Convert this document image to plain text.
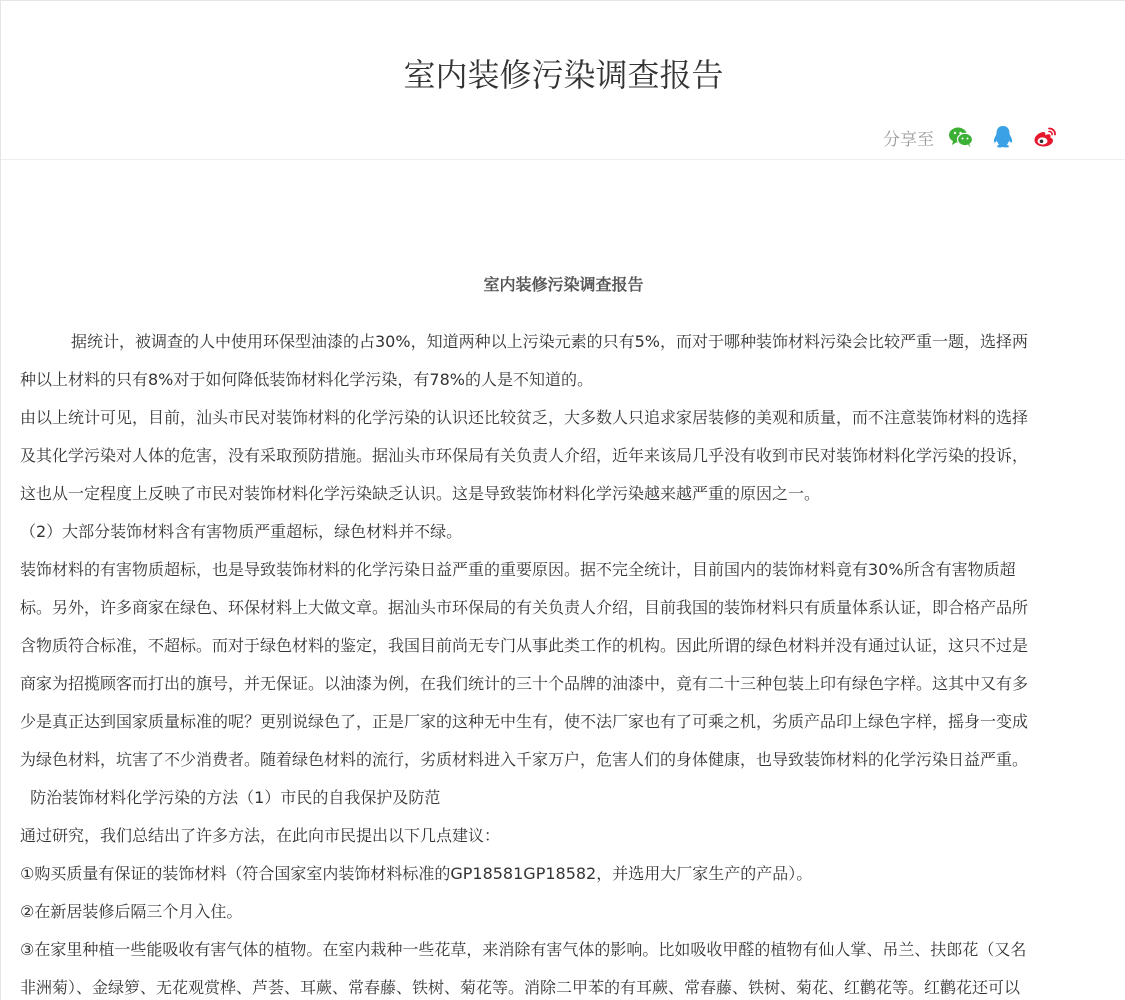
室内装修污染调查报告
分享至
室内装修污染调查报告

据统计，被调查的人中使用环保型油漆的占30%，知道两种以上污染元素的只有5%，而对于哪种装饰材料污染会比较严重一题，选择两

种以上材料的只有8%对于如何降低装饰材料化学污染，有78%的人是不知道的。

由以上统计可见，目前，汕头市民对装饰材料的化学污染的认识还比较贫乏，大多数人只追求家居装修的美观和质量，而不注意装饰材料的选择

及其化学污染对人体的危害，没有采取预防措施。据汕头市环保局有关负责人介绍，近年来该局几乎没有收到市民对装饰材料化学污染的投诉，

这也从一定程度上反映了市民对装饰材料化学污染缺乏认识。这是导致装饰材料化学污染越来越严重的原因之一。

（2）大部分装饰材料含有害物质严重超标，绿色材料并不绿。

装饰材料的有害物质超标，也是导致装饰材料的化学污染日益严重的重要原因。据不完全统计，目前国内的装饰材料竟有30%所含有害物质超

标。另外，许多商家在绿色、环保材料上大做文章。据汕头市环保局的有关负责人介绍，目前我国的装饰材料只有质量体系认证，即合格产品所

含物质符合标准，不超标。而对于绿色材料的鉴定，我国目前尚无专门从事此类工作的机构。因此所谓的绿色材料并没有通过认证，这只不过是

商家为招揽顾客而打出的旗号，并无保证。以油漆为例，在我们统计的三十个品牌的油漆中，竟有二十三种包装上印有绿色字样。这其中又有多

少是真正达到国家质量标准的呢？更别说绿色了，正是厂家的这种无中生有，使不法厂家也有了可乘之机，劣质产品印上绿色字样，摇身一变成

为绿色材料，坑害了不少消费者。随着绿色材料的流行，劣质材料进入千家万户，危害人们的身体健康，也导致装饰材料的化学污染日益严重。

防治装饰材料化学污染的方法（1）市民的自我保护及防范

通过研究，我们总结出了许多方法，在此向市民提出以下几点建议：

①购买质量有保证的装饰材料（符合国家室内装饰材料标准的GP18581GP18582，并选用大厂家生产的产品）。

②在新居装修后隔三个月入住。

③在家里种植一些能吸收有害气体的植物。在室内栽种一些花草，来消除有害气体的影响。比如吸收甲醛的植物有仙人掌、吊兰、扶郎花（又名

非洲菊）、金绿箩、无花观赏桦、芦荟、耳蕨、常春藤、铁树、菊花等。消除二甲苯的有耳蕨、常春藤、铁树、菊花、红鹳花等。红鹳花还可以
